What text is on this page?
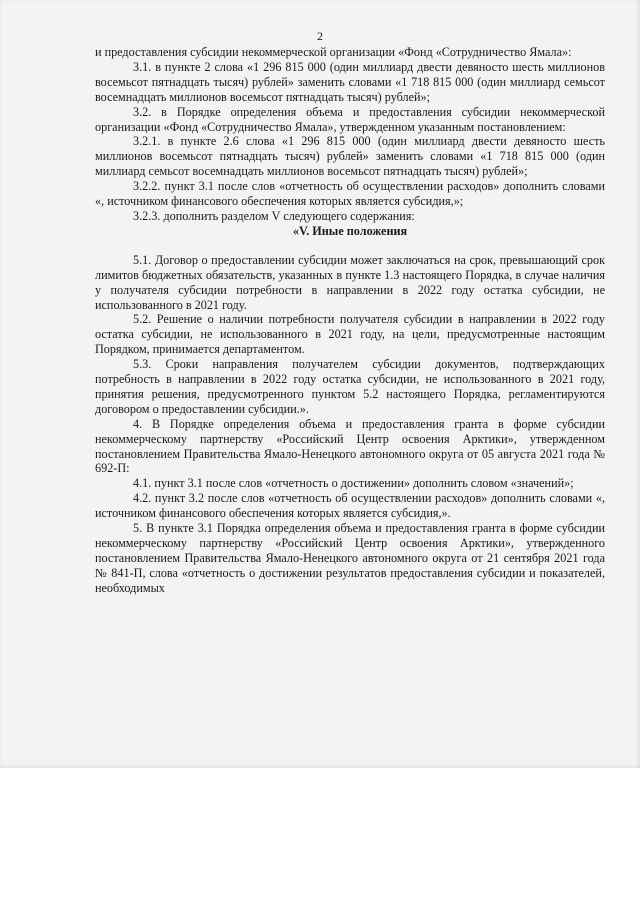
2

и предоставления субсидии некоммерческой организации «Фонд «Сотрудничество Ямала»:

3.1. в пункте 2 слова «1 296 815 000 (один миллиард двести девяносто шесть миллионов восемьсот пятнадцать тысяч) рублей» заменить словами «1 718 815 000 (один миллиард семьсот восемнадцать миллионов восемьсот пятнадцать тысяч) рублей»;

3.2. в Порядке определения объема и предоставления субсидии некоммерческой организации «Фонд «Сотрудничество Ямала», утвержденном указанным постановлением:

3.2.1. в пункте 2.6 слова «1 296 815 000 (один миллиард двести девяносто шесть миллионов восемьсот пятнадцать тысяч) рублей» заменить словами «1 718 815 000 (один миллиард семьсот восемнадцать миллионов восемьсот пятнадцать тысяч) рублей»;

3.2.2. пункт 3.1 после слов «отчетность об осуществлении расходов» дополнить словами «, источником финансового обеспечения которых является субсидия,»;

3.2.3. дополнить разделом V следующего содержания:

«V. Иные положения

5.1. Договор о предоставлении субсидии может заключаться на срок, превышающий срок лимитов бюджетных обязательств, указанных в пункте 1.3 настоящего Порядка, в случае наличия у получателя субсидии потребности в направлении в 2022 году остатка субсидии, не использованного в 2021 году.

5.2. Решение о наличии потребности получателя субсидии в направлении в 2022 году остатка субсидии, не использованного в 2021 году, на цели, предусмотренные настоящим Порядком, принимается департаментом.

5.3. Сроки направления получателем субсидии документов, подтверждающих потребность в направлении в 2022 году остатка субсидии, не использованного в 2021 году, принятия решения, предусмотренного пунктом 5.2 настоящего Порядка, регламентируются договором о предоставлении субсидии.».

4. В Порядке определения объема и предоставления гранта в форме субсидии некоммерческому партнерству «Российский Центр освоения Арктики», утвержденном постановлением Правительства Ямало-Ненецкого автономного округа от 05 августа 2021 года № 692-П:

4.1. пункт 3.1 после слов «отчетность о достижении» дополнить словом «значений»;

4.2. пункт 3.2 после слов «отчетность об осуществлении расходов» дополнить словами «, источником финансового обеспечения которых является субсидия,».

5. В пункте 3.1 Порядка определения объема и предоставления гранта в форме субсидии некоммерческому партнерству «Российский Центр освоения Арктики», утвержденного постановлением Правительства Ямало-Ненецкого автономного округа от 21 сентября 2021 года № 841-П, слова «отчетность о достижении результатов предоставления субсидии и показателей, необходимых
